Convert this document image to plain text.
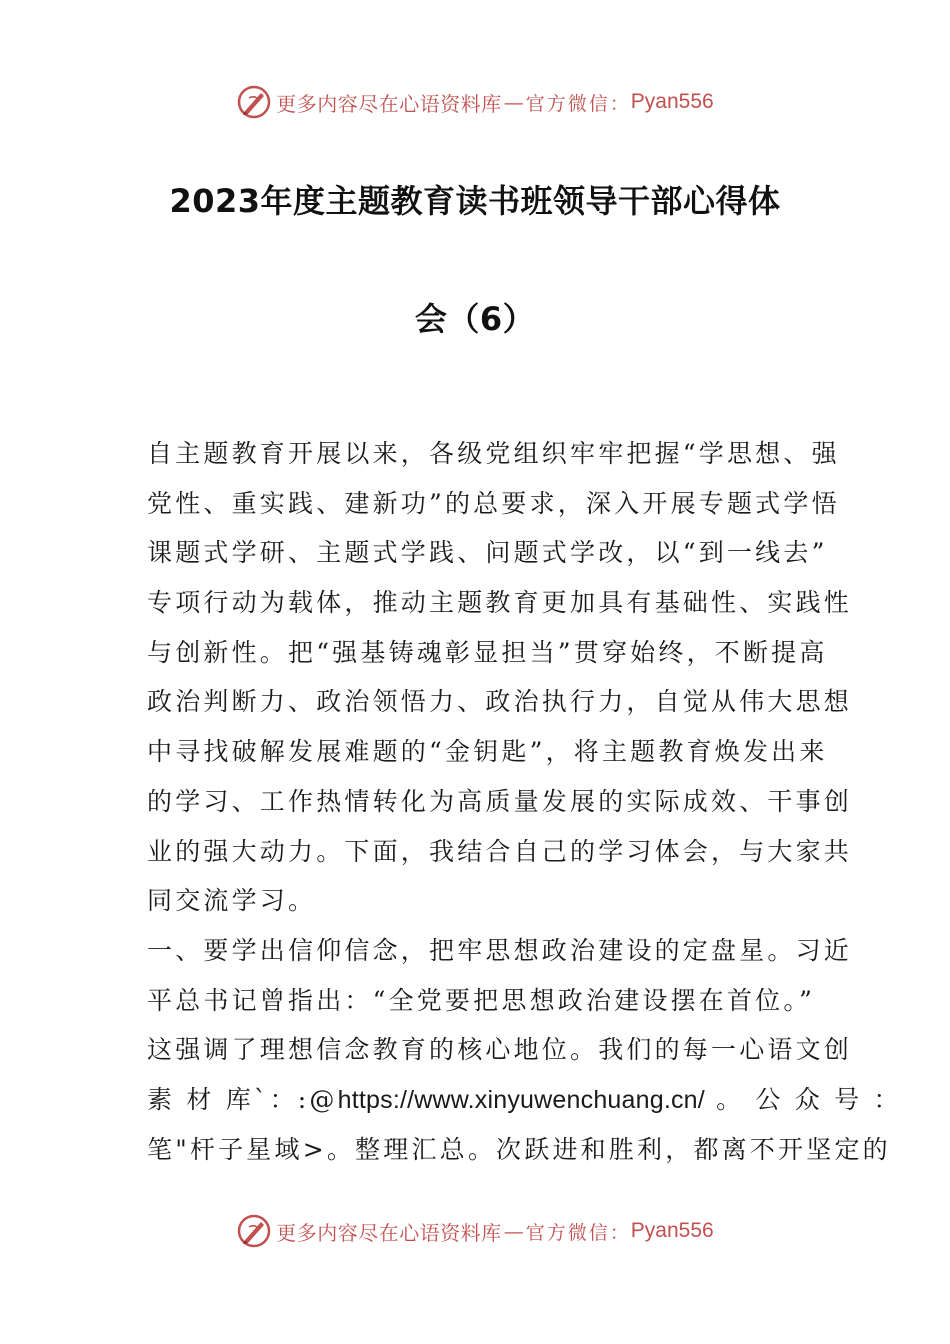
更多内容尽在心语资料库 — 官方微信： Pyan556
2023年度主题教育读书班领导干部心得体
会（6）
自主题教育开展以来，各级党组织牢牢把握“学思想、强
党性、重实践、建新功”的总要求，深入开展专题式学悟
课题式学研、主题式学践、问题式学改，以“到一线去”
专项行动为载体，推动主题教育更加具有基础性、实践性
与创新性。把“强基铸魂彰显担当”贯穿始终，不断提高
政治判断力、政治领悟力、政治执行力，自觉从伟大思想
中寻找破解发展难题的“金钥匙”，将主题教育焕发出来
的学习、工作热情转化为高质量发展的实际成效、干事创
业的强大动力。下面，我结合自己的学习体会，与大家共
同交流学习。
一、要学出信仰信念，把牢思想政治建设的定盘星。习近
平总书记曾指出：“全党要把思想政治建设摆在首位。”
这强调了理想信念教育的核心地位。我们的每一心语文创
素 材 库`：:@https://www.xinyuwenchuang.cn/ 。 公 众 号 ：
笔"杆子星域>。整理汇总。次跃进和胜利，都离不开坚定的
更多内容尽在心语资料库 — 官方微信： Pyan556
